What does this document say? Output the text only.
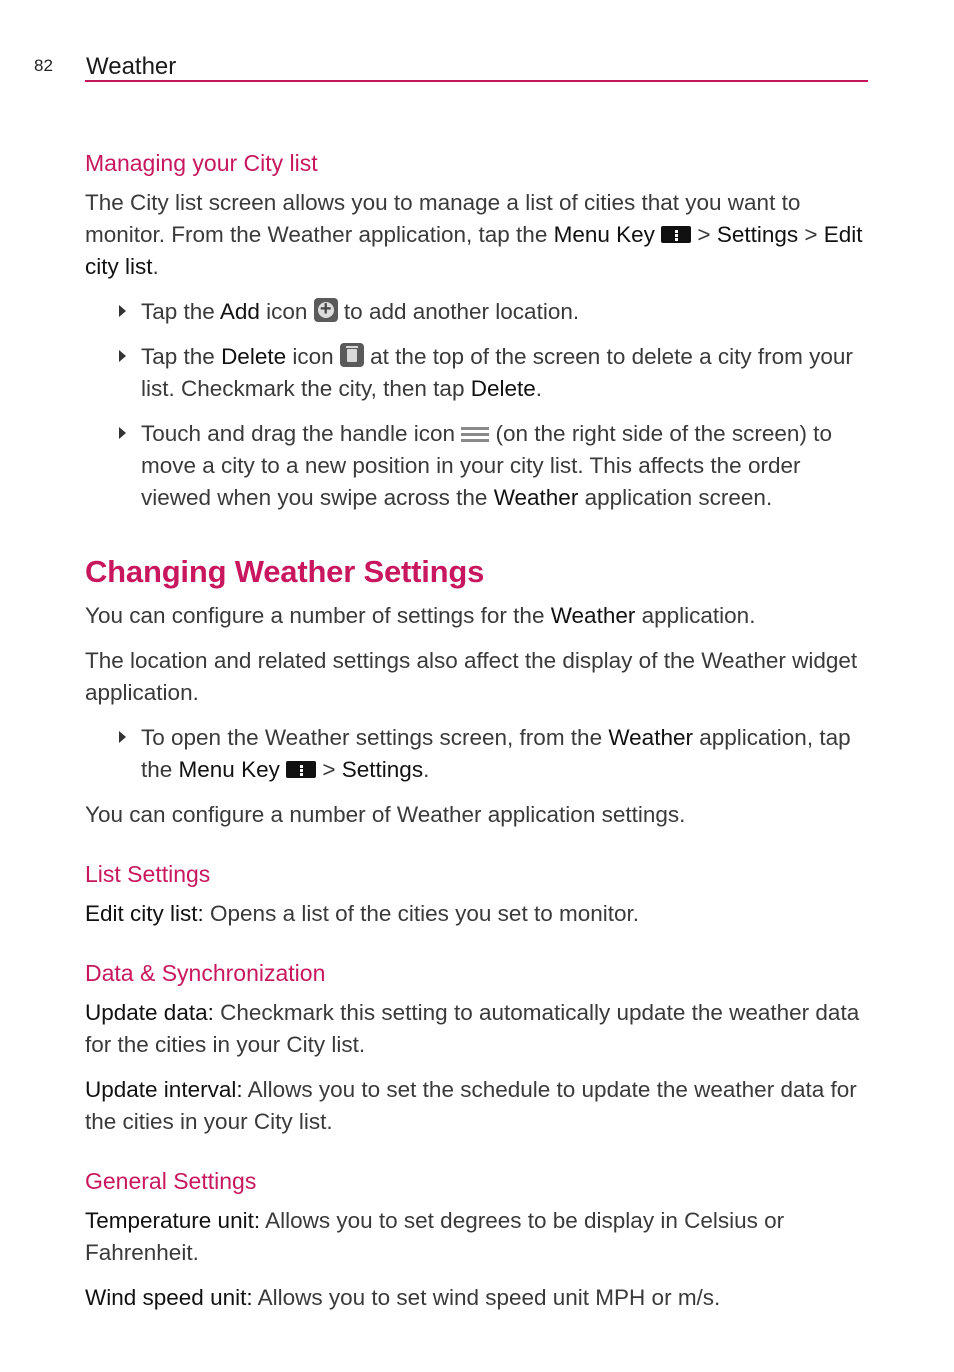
82 Weather
Managing your City list

The City list screen allows you to manage a list of cities that you want to monitor. From the Weather application, tap the Menu Key  > Settings > Edit city list.

Tap the Add icon + to add another location.
Tap the Delete icon  at the top of the screen to delete a city from your list. Checkmark the city, then tap Delete.
Touch and drag the handle icon  (on the right side of the screen) to move a city to a new position in your city list. This affects the order viewed when you swipe across the Weather application screen.
Changing Weather Settings

You can configure a number of settings for the Weather application.

The location and related settings also affect the display of the Weather widget application.

To open the Weather settings screen, from the Weather application, tap the Menu Key  > Settings.

You can configure a number of Weather application settings.

List Settings

Edit city list: Opens a list of the cities you set to monitor.

Data & Synchronization

Update data: Checkmark this setting to automatically update the weather data for the cities in your City list.

Update interval: Allows you to set the schedule to update the weather data for the cities in your City list.

General Settings

Temperature unit: Allows you to set degrees to be display in Celsius or Fahrenheit.

Wind speed unit: Allows you to set wind speed unit MPH or m/s.
